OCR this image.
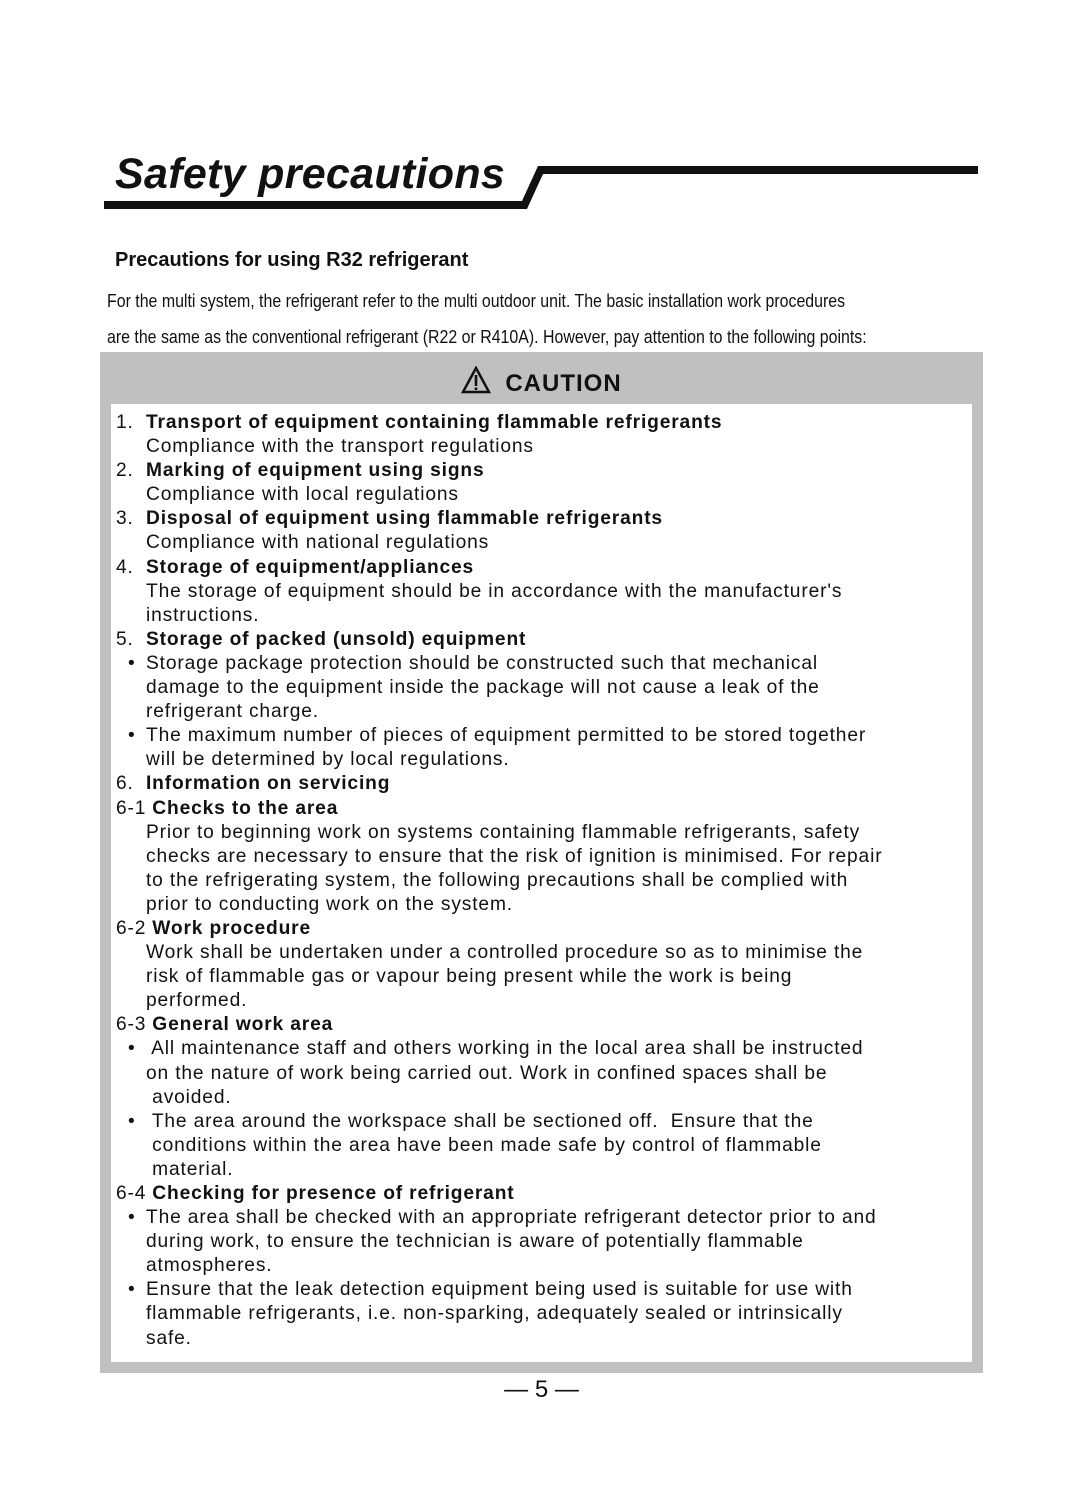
Safety precautions
Precautions for using R32 refrigerant
For the multi system, the refrigerant refer to the multi outdoor unit. The basic installation work procedures
are the same as the conventional refrigerant (R22 or R410A). However, pay attention to the following points:
CAUTION
1. Transport of equipment containing flammable refrigerants
Compliance with the transport regulations
2. Marking of equipment using signs
Compliance with local regulations
3. Disposal of equipment using flammable refrigerants
Compliance with national regulations
4. Storage of equipment/appliances
The storage of equipment should be in accordance with the manufacturer's
instructions.
5. Storage of packed (unsold) equipment
• Storage package protection should be constructed such that mechanical
damage to the equipment inside the package will not cause a leak of the
refrigerant charge.
• The maximum number of pieces of equipment permitted to be stored together
will be determined by local regulations.
6. Information on servicing
6-1 Checks to the area
Prior to beginning work on systems containing flammable refrigerants, safety
checks are necessary to ensure that the risk of ignition is minimised. For repair
to the refrigerating system, the following precautions shall be complied with
prior to conducting work on the system.
6-2 Work procedure
Work shall be undertaken under a controlled procedure so as to minimise the
risk of flammable gas or vapour being present while the work is being
performed.
6-3 General work area
• All maintenance staff and others working in the local area shall be instructed
on the nature of work being carried out. Work in confined spaces shall be
avoided.
• The area around the workspace shall be sectioned off.  Ensure that the
conditions within the area have been made safe by control of flammable
material.
6-4 Checking for presence of refrigerant
• The area shall be checked with an appropriate refrigerant detector prior to and
during work, to ensure the technician is aware of potentially flammable
atmospheres.
• Ensure that the leak detection equipment being used is suitable for use with
flammable refrigerants, i.e. non-sparking, adequately sealed or intrinsically
safe.
— 5 —
